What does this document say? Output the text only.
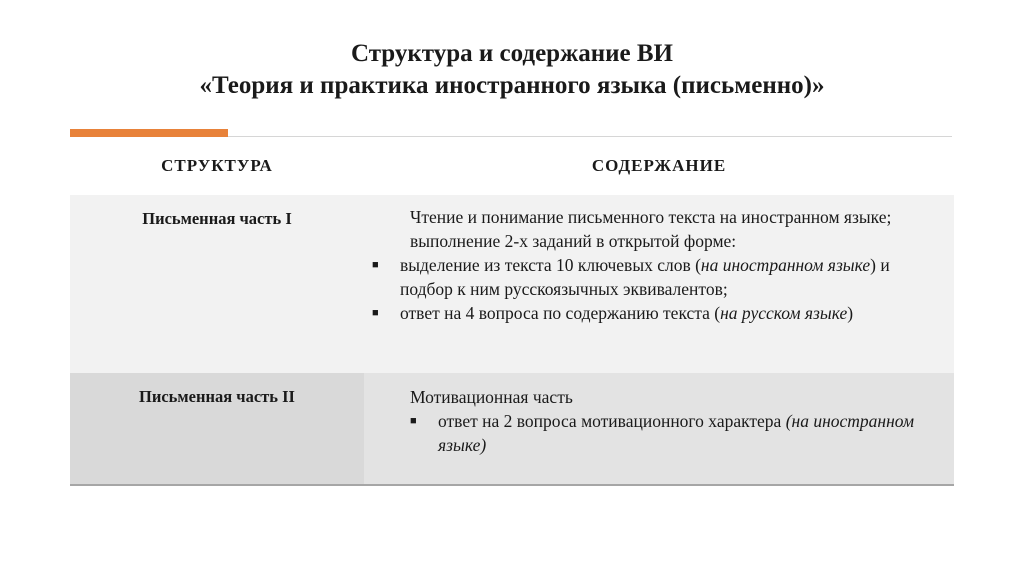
Структура и содержание ВИ
«Теория и практика иностранного языка (письменно)»
СТРУКТУРА	СОДЕРЖАНИЕ
Письменная часть I	Чтение и понимание письменного текста на иностранном языке; выполнение 2-х заданий в открытой форме:
■ выделение из текста 10 ключевых слов (на иностранном языке) и подбор к ним русскоязычных эквивалентов;
■ ответ на 4 вопроса по содержанию текста (на русском языке)
Письменная часть II	Мотивационная часть
■ ответ на 2 вопроса мотивационного характера (на иностранном языке)
